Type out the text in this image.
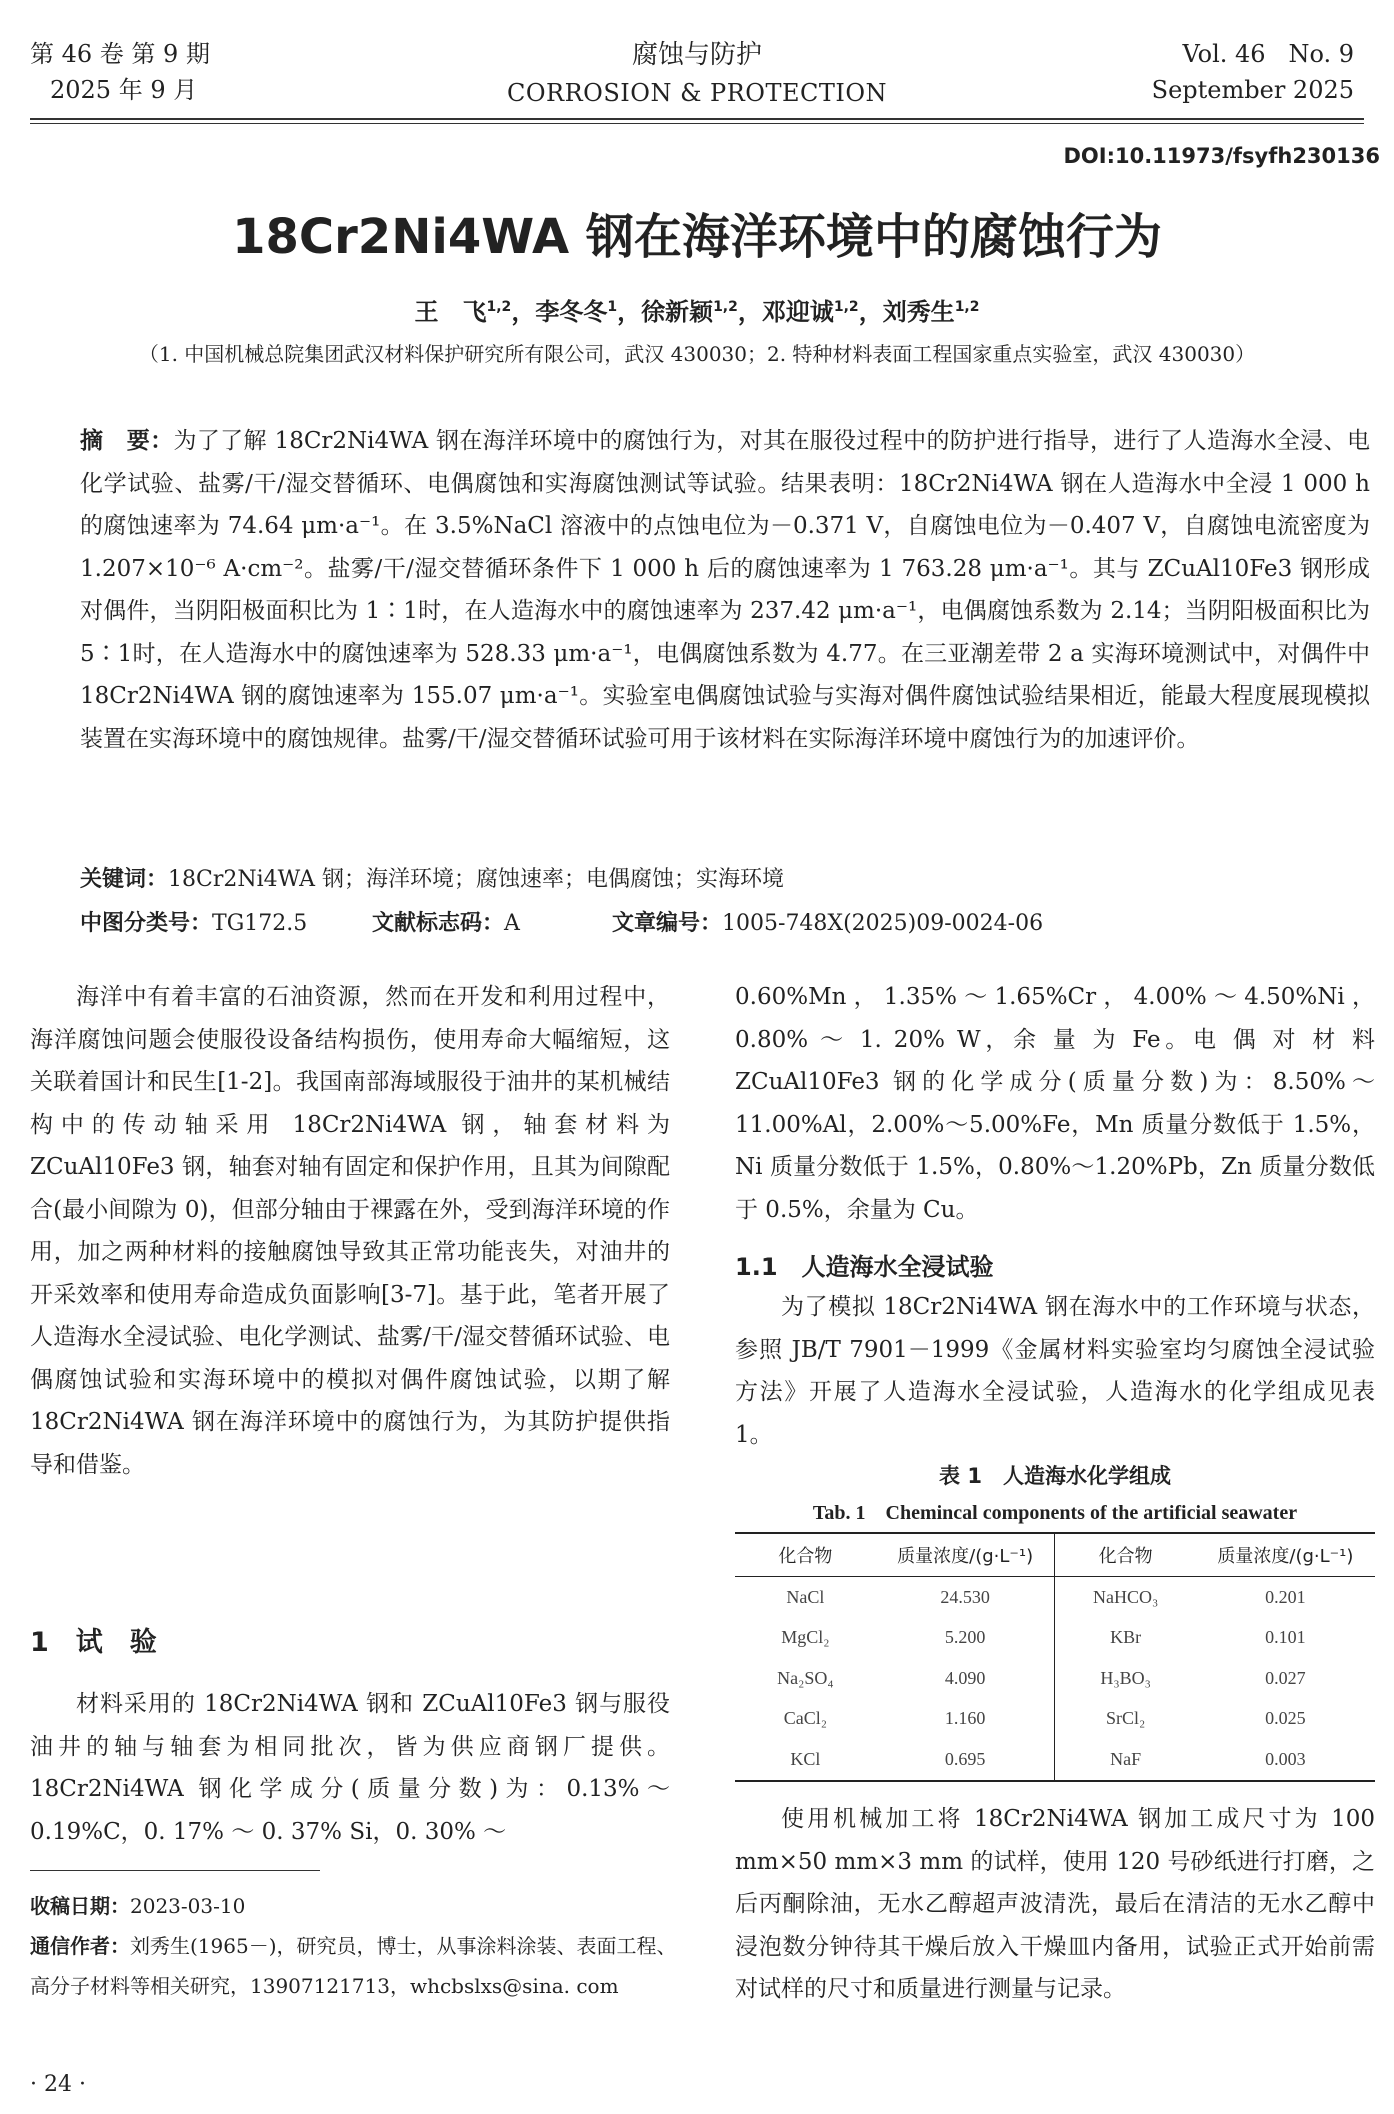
第 46 卷 第 9 期
2025 年 9 月
腐蚀与防护
CORROSION & PROTECTION
Vol. 46   No. 9
September 2025
DOI:10.11973/fsyfh230136
18Cr2Ni4WA 钢在海洋环境中的腐蚀行为
王　飞$^{1,2}$，李冬冬$^1$，徐新颖$^{1,2}$，邓迎诚$^{1,2}$，刘秀生$^{1,2}$
（1. 中国机械总院集团武汉材料保护研究所有限公司，武汉 430030；2. 特种材料表面工程国家重点实验室，武汉 430030）
摘　要：为了了解 18Cr2Ni4WA 钢在海洋环境中的腐蚀行为，对其在服役过程中的防护进行指导，进行了人造海水全浸、电化学试验、盐雾/干/湿交替循环、电偶腐蚀和实海腐蚀测试等试验。结果表明：18Cr2Ni4WA 钢在人造海水中全浸 1 000 h 的腐蚀速率为 74.64 μm·a⁻¹。在 3.5%NaCl 溶液中的点蚀电位为－0.371 V，自腐蚀电位为－0.407 V，自腐蚀电流密度为 1.207×10⁻⁶ A·cm⁻²。盐雾/干/湿交替循环条件下 1 000 h 后的腐蚀速率为 1 763.28 μm·a⁻¹。其与 ZCuAl10Fe3 钢形成对偶件，当阴阳极面积比为 1∶1时，在人造海水中的腐蚀速率为 237.42 μm·a⁻¹，电偶腐蚀系数为 2.14；当阴阳极面积比为 5∶1时，在人造海水中的腐蚀速率为 528.33 μm·a⁻¹，电偶腐蚀系数为 4.77。在三亚潮差带 2 a 实海环境测试中，对偶件中 18Cr2Ni4WA 钢的腐蚀速率为 155.07 μm·a⁻¹。实验室电偶腐蚀试验与实海对偶件腐蚀试验结果相近，能最大程度展现模拟装置在实海环境中的腐蚀规律。盐雾/干/湿交替循环试验可用于该材料在实际海洋环境中腐蚀行为的加速评价。
关键词：18Cr2Ni4WA 钢；海洋环境；腐蚀速率；电偶腐蚀；实海环境
中图分类号：TG172.5	文献标志码：A	文章编号：1005-748X(2025)09-0024-06

海洋中有着丰富的石油资源，然而在开发和利用过程中，海洋腐蚀问题会使服役设备结构损伤，使用寿命大幅缩短，这关联着国计和民生[1-2]。我国南部海域服役于油井的某机械结构中的传动轴采用 18Cr2Ni4WA 钢，轴套材料为 ZCuAl10Fe3 钢，轴套对轴有固定和保护作用，且其为间隙配合(最小间隙为 0)，但部分轴由于裸露在外，受到海洋环境的作用，加之两种材料的接触腐蚀导致其正常功能丧失，对油井的开采效率和使用寿命造成负面影响[3-7]。基于此，笔者开展了人造海水全浸试验、电化学测试、盐雾/干/湿交替循环试验、电偶腐蚀试验和实海环境中的模拟对偶件腐蚀试验，以期了解 18Cr2Ni4WA 钢在海洋环境中的腐蚀行为，为其防护提供指导和借鉴。

1　试　验

材料采用的 18Cr2Ni4WA 钢和 ZCuAl10Fe3 钢与服役油井的轴与轴套为相同批次，皆为供应商钢厂提供。18Cr2Ni4WA 钢化学成分(质量分数)为：0.13%～0.19%C，0. 17% ～ 0. 37% Si，0. 30% ～

0.60%Mn，1.35%～1.65%Cr，4.00%～4.50%Ni，0.80% ～ 1. 20% W，余 量 为 Fe。电 偶 对 材 料 ZCuAl10Fe3 钢的化学成分(质量分数)为：8.50%～11.00%Al，2.00%～5.00%Fe，Mn 质量分数低于 1.5%，Ni 质量分数低于 1.5%，0.80%～1.20%Pb，Zn 质量分数低于 0.5%，余量为 Cu。

1.1　人造海水全浸试验

为了模拟 18Cr2Ni4WA 钢在海水中的工作环境与状态，参照 JB/T 7901－1999《金属材料实验室均匀腐蚀全浸试验方法》开展了人造海水全浸试验，人造海水的化学组成见表 1。

表 1　人造海水化学组成
Tab. 1　Chemincal components of the artificial seawater
化合物	质量浓度/(g·L⁻¹)	化合物	质量浓度/(g·L⁻¹)
NaCl	24.530	NaHCO₃	0.201
MgCl₂	5.200	KBr	0.101
Na₂SO₄	4.090	H₃BO₃	0.027
CaCl₂	1.160	SrCl₂	0.025
KCl	0.695	NaF	0.003

使用机械加工将 18Cr2Ni4WA 钢加工成尺寸为 100 mm×50 mm×3 mm 的试样，使用 120 号砂纸进行打磨，之后丙酮除油，无水乙醇超声波清洗，最后在清洁的无水乙醇中浸泡数分钟待其干燥后放入干燥皿内备用，试验正式开始前需对试样的尺寸和质量进行测量与记录。

收稿日期：2023-03-10
通信作者：刘秀生(1965－)，研究员，博士，从事涂料涂装、表面工程、高分子材料等相关研究，13907121713，whcbslxs@sina. com
· 24 ·
